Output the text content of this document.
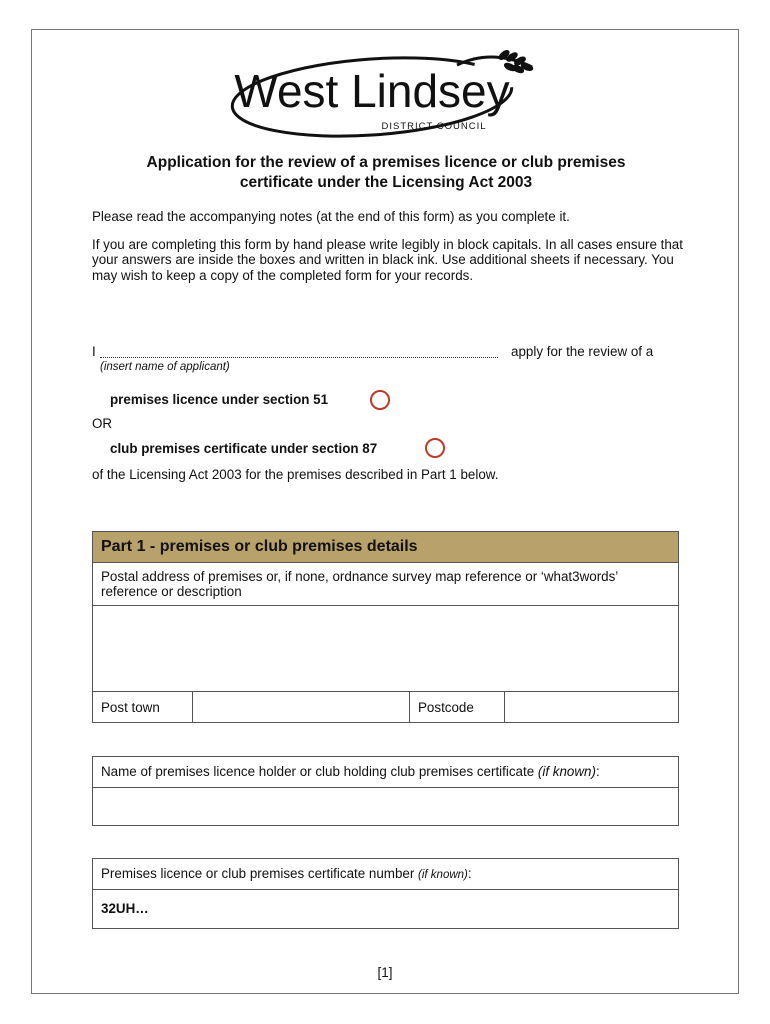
West Lindsey
DISTRICT COUNCIL
Application for the review of a premises licence or club premises
certificate under the Licensing Act 2003
Please read the accompanying notes (at the end of this form) as you complete it.
If you are completing this form by hand please write legibly in block capitals. In all cases ensure that your answers are inside the boxes and written in black ink. Use additional sheets if necessary. You may wish to keep a copy of the completed form for your records.
I	apply for the review of a
(insert name of applicant)
premises licence under section 51
OR
club premises certificate under section 87
of the Licensing Act 2003 for the premises described in Part 1 below.
Part 1 - premises or club premises details
Postal address of premises or, if none, ordnance survey map reference or ‘what3words’ reference or description

Post town		Postcode	
Name of premises licence holder or club holding club premises certificate (if known):
Premises licence or club premises certificate number (if known):
32UH…
[1]
